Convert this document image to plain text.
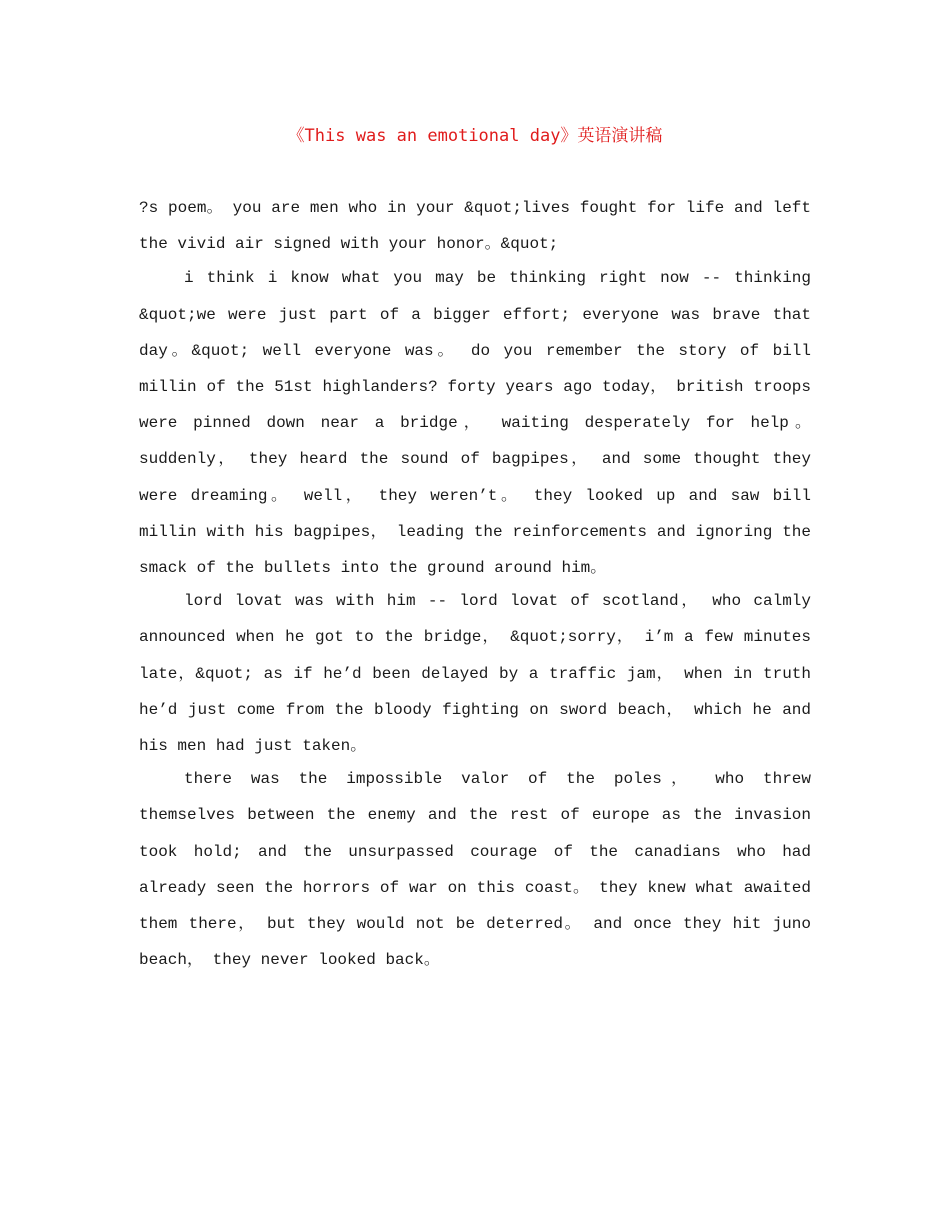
《This was an emotional day》英语演讲稿

?s poem。 you are men who in your &quot;lives fought for life and left the vivid air signed with your honor。&quot;

i think i know what you may be thinking right now -- thinking &quot;we were just part of a bigger effort; everyone was brave that day。&quot; well everyone was。 do you remember the story of bill millin of the 51st highlanders? forty years ago today， british troops were pinned down near a bridge， waiting desperately for help。 suddenly， they heard the sound of bagpipes， and some thought they were dreaming。 well， they weren’t。 they looked up and saw bill millin with his bagpipes， leading the reinforcements and ignoring the smack of the bullets into the ground around him。

lord lovat was with him -- lord lovat of scotland， who calmly announced when he got to the bridge， &quot;sorry， i’m a few minutes late，&quot; as if he’d been delayed by a traffic jam， when in truth he’d just come from the bloody fighting on sword beach， which he and his men had just taken。

there was the impossible valor of the poles， who threw themselves between the enemy and the rest of europe as the invasion took hold; and the unsurpassed courage of the canadians who had already seen the horrors of war on this coast。 they knew what awaited them there， but they would not be deterred。 and once they hit juno beach， they never looked back。
